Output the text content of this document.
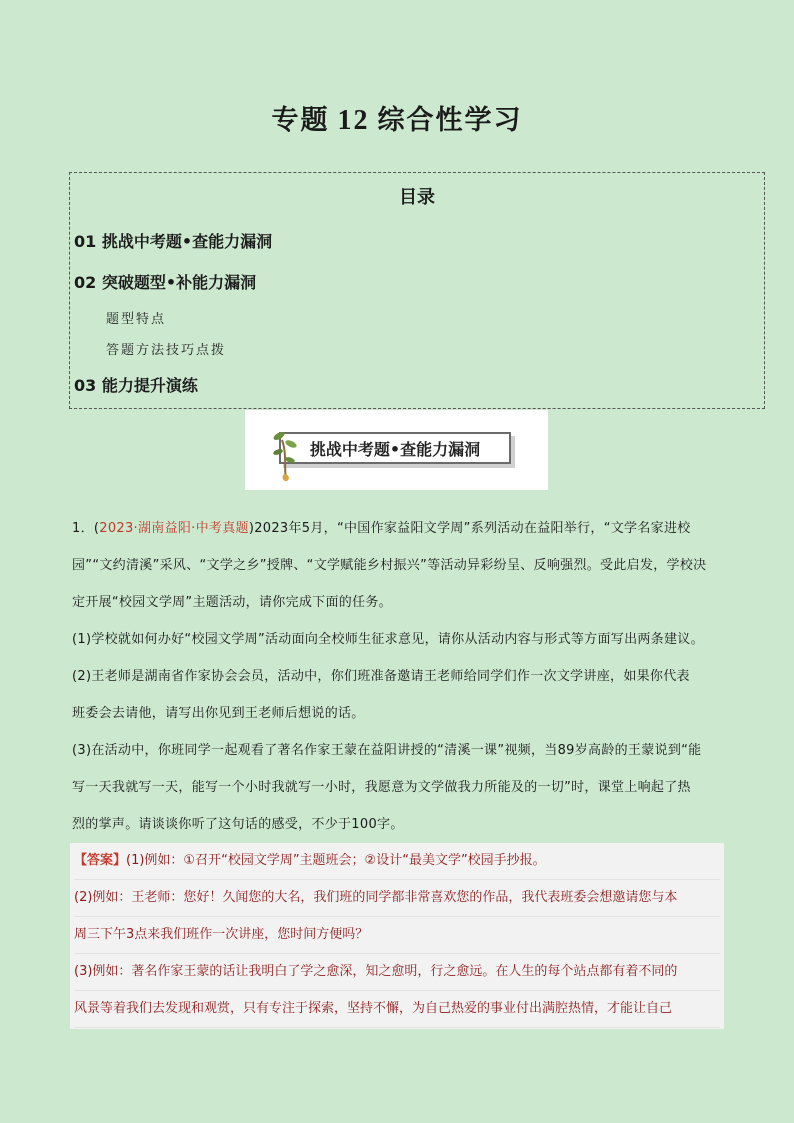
专题 12 综合性学习
目录
01 挑战中考题•查能力漏洞
02 突破题型•补能力漏洞
题型特点
答题方法技巧点拨
03 能力提升演练
挑战中考题•查能力漏洞
1．(2023·湖南益阳·中考真题)2023年5月，“中国作家益阳文学周”系列活动在益阳举行，“文学名家进校
园”“文约清溪”采风、“文学之乡”授牌、“文学赋能乡村振兴”等活动异彩纷呈、反响强烈。受此启发，学校决
定开展“校园文学周”主题活动，请你完成下面的任务。
(1)学校就如何办好“校园文学周”活动面向全校师生征求意见，请你从活动内容与形式等方面写出两条建议。
(2)王老师是湖南省作家协会会员，活动中，你们班准备邀请王老师给同学们作一次文学讲座，如果你代表
班委会去请他，请写出你见到王老师后想说的话。
(3)在活动中，你班同学一起观看了著名作家王蒙在益阳讲授的“清溪一课”视频，当89岁高龄的王蒙说到“能
写一天我就写一天，能写一个小时我就写一小时，我愿意为文学做我力所能及的一切”时，课堂上响起了热
烈的掌声。请谈谈你听了这句话的感受，不少于100字。
【答案】(1)例如：①召开“校园文学周”主题班会；②设计“最美文学”校园手抄报。
(2)例如：王老师：您好！久闻您的大名，我们班的同学都非常喜欢您的作品，我代表班委会想邀请您与本
周三下午3点来我们班作一次讲座，您时间方便吗？
(3)例如：著名作家王蒙的话让我明白了学之愈深，知之愈明，行之愈远。在人生的每个站点都有着不同的
风景等着我们去发现和观赏，只有专注于探索，坚持不懈，为自己热爱的事业付出满腔热情，才能让自己
